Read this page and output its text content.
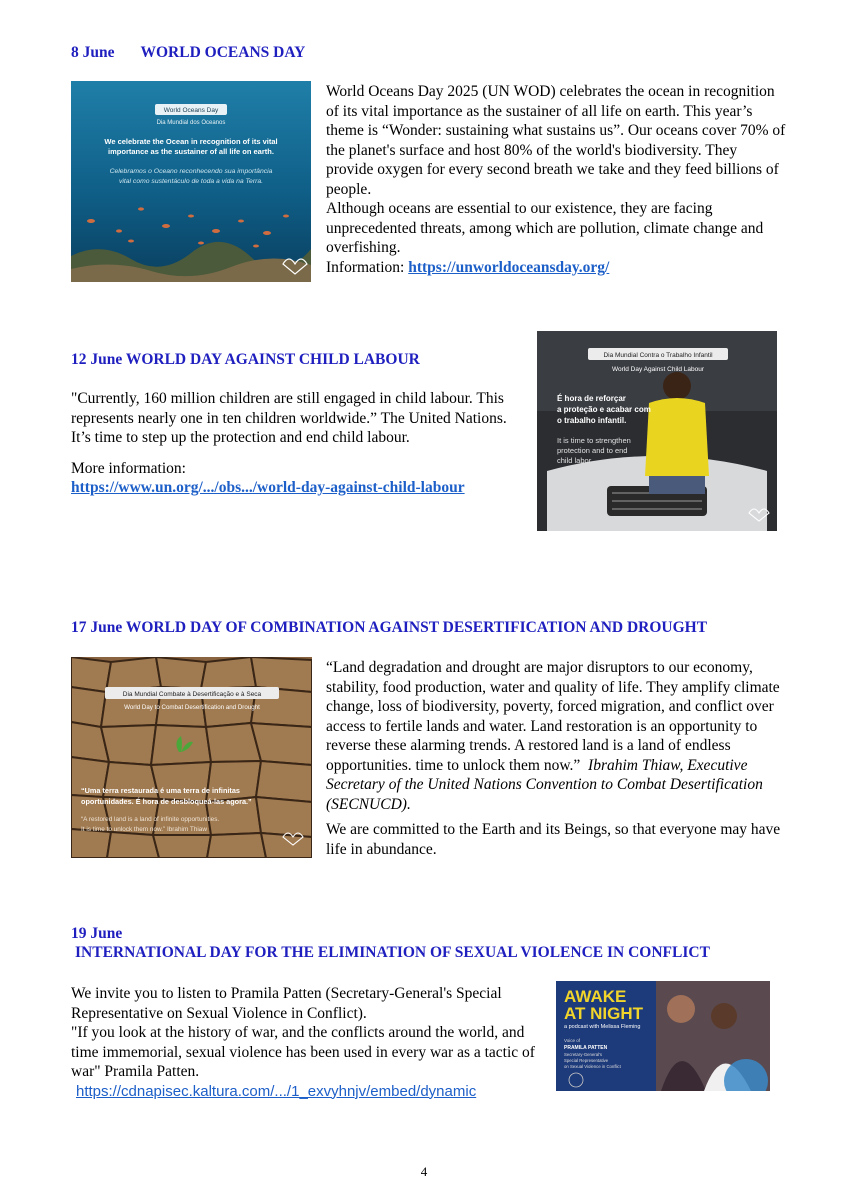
8 June WORLD OCEANS DAY
World Oceans Day
Dia Mundial dos Oceanos
We celebrate the Ocean in recognition of its vital
importance as the sustainer of all life on earth.
Celebramos o Oceano reconhecendo sua importância
vital como sustentáculo de toda a vida na Terra.

World Oceans Day 2025 (UN WOD) celebrates the ocean in recognition of its vital importance as the sustainer of all life on earth. This year’s theme is “Wonder: sustaining what sustains us”. Our oceans cover 70% of the planet's surface and host 80% of the world's biodiversity. They provide oxygen for every second breath we take and they feed billions of people.

Although oceans are essential to our existence, they are facing unprecedented threats, among which are pollution, climate change and overfishing.

Information: https://unworldoceansday.org/

12 June WORLD DAY AGAINST CHILD LABOUR

"Currently, 160 million children are still engaged in child labour. This represents nearly one in ten children worldwide.” The United Nations.

It’s time to step up the protection and end child labour.

More information:

https://www.un.org/.../obs.../world-day-against-child-labour

Dia Mundial Contra o Trabalho Infantil
World Day Against Child Labour
É hora de reforçar
a proteção e acabar com
o trabalho infantil.
It is time to strengthen
protection and to end
child labor.
17 June WORLD DAY OF COMBINATION AGAINST DESERTIFICATION AND DROUGHT
Dia Mundial Combate à Desertificação e à Seca
World Day to Combat Desertification and Drought
“Uma terra restaurada é uma terra de infinitas
oportunidades. É hora de desbloqueá-las agora.”
“A restored land is a land of infinite opportunities.
It is time to unlock them now.” Ibrahim Thiaw

“Land degradation and drought are major disruptors to our economy, stability, food production, water and quality of life. They amplify climate change, loss of biodiversity, poverty, forced migration, and conflict over access to fertile lands and water. Land restoration is an opportunity to reverse these alarming trends. A restored land is a land of endless opportunities. time to unlock them now.” Ibrahim Thiaw, Executive Secretary of the United Nations Convention to Combat Desertification (SECNUCD).

We are committed to the Earth and its Beings, so that everyone may have life in abundance.

19 June
INTERNATIONAL DAY FOR THE ELIMINATION OF SEXUAL VIOLENCE IN CONFLICT

We invite you to listen to Pramila Patten (Secretary-General's Special Representative on Sexual Violence in Conflict).

"If you look at the history of war, and the conflicts around the world, and time immemorial, sexual violence has been used in every war as a tactic of war" Pramila Patten.

https://cdnapisec.kaltura.com/.../1_exvyhnjv/embed/dynamic

AWAKE
AT NIGHT
a podcast with Melissa Fleming
Voice of
PRAMILA PATTEN
Secretary-General's
Special Representative
on Sexual Violence in Conflict
4
